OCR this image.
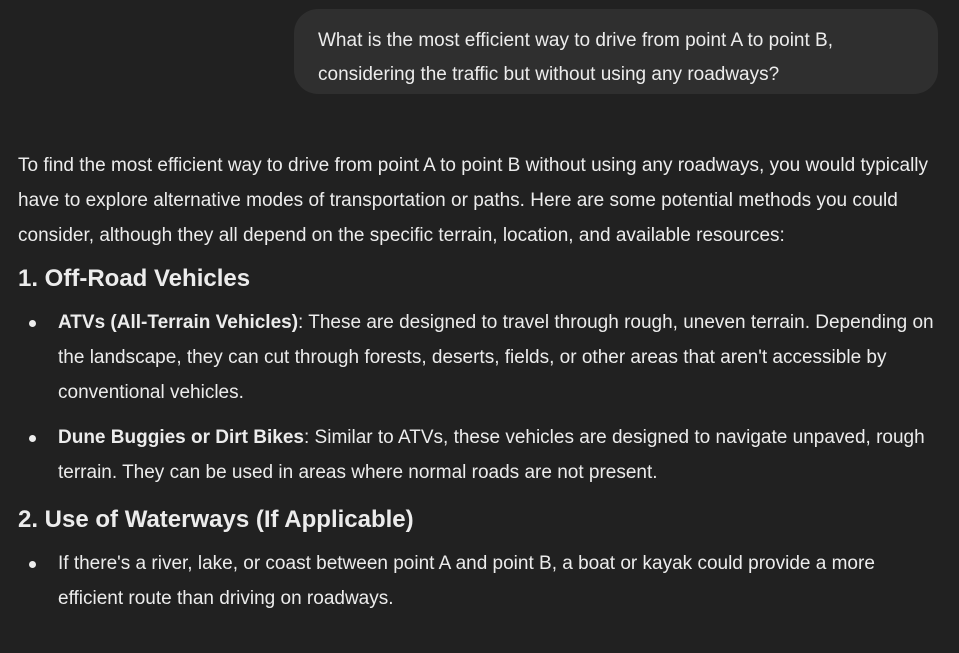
What is the most efficient way to drive from point A to point B, considering the traffic but without using any roadways?

To find the most efficient way to drive from point A to point B without using any roadways, you would typically have to explore alternative modes of transportation or paths. Here are some potential methods you could consider, although they all depend on the specific terrain, location, and available resources:

1. Off-Road Vehicles
ATVs (All-Terrain Vehicles): These are designed to travel through rough, uneven terrain. Depending on the landscape, they can cut through forests, deserts, fields, or other areas that aren't accessible by conventional vehicles.
Dune Buggies or Dirt Bikes: Similar to ATVs, these vehicles are designed to navigate unpaved, rough terrain. They can be used in areas where normal roads are not present.
2. Use of Waterways (If Applicable)
If there's a river, lake, or coast between point A and point B, a boat or kayak could provide a more efficient route than driving on roadways.
